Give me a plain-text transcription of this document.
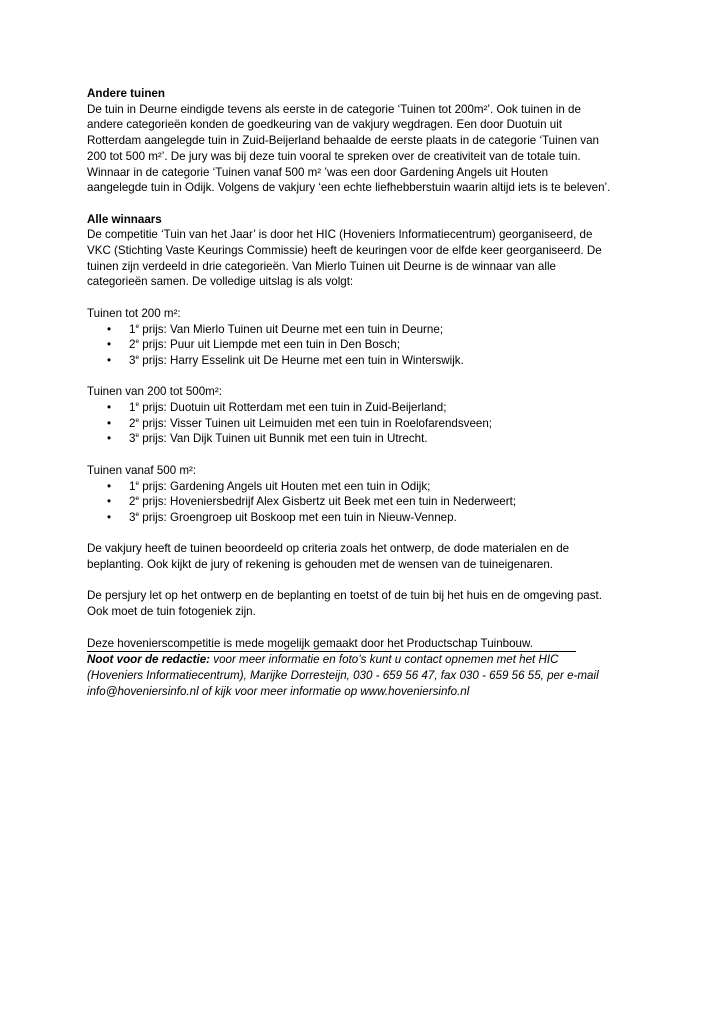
Andere tuinen

De tuin in Deurne eindigde tevens als eerste in de categorie ‘Tuinen tot 200m²’. Ook tuinen in de

andere categorieën konden de goedkeuring van de vakjury wegdragen. Een door Duotuin uit

Rotterdam aangelegde tuin in Zuid-Beijerland behaalde de eerste plaats in de categorie ‘Tuinen van

200 tot 500 m²’. De jury was bij deze tuin vooral te spreken over de creativiteit van de totale tuin.

Winnaar in de categorie ‘Tuinen vanaf 500 m² ’was een door Gardening Angels uit Houten

aangelegde tuin in Odijk. Volgens de vakjury ‘een echte liefhebberstuin waarin altijd iets is te beleven’.

Alle winnaars

De competitie ‘Tuin van het Jaar’ is door het HIC (Hoveniers Informatiecentrum) georganiseerd, de

VKC (Stichting Vaste Keurings Commissie) heeft de keuringen voor de elfde keer georganiseerd. De

tuinen zijn verdeeld in drie categorieën. Van Mierlo Tuinen uit Deurne is de winnaar van alle

categorieën samen. De volledige uitslag is als volgt:

Tuinen tot 200 m²:

• 1e prijs: Van Mierlo Tuinen uit Deurne met een tuin in Deurne;
• 2e prijs: Puur uit Liempde met een tuin in Den Bosch;
• 3e prijs: Harry Esselink uit De Heurne met een tuin in Winterswijk.

Tuinen van 200 tot 500m²:

• 1e prijs: Duotuin uit Rotterdam met een tuin in Zuid-Beijerland;
• 2e prijs: Visser Tuinen uit Leimuiden met een tuin in Roelofarendsveen;
• 3e prijs: Van Dijk Tuinen uit Bunnik met een tuin in Utrecht.

Tuinen vanaf 500 m²:

• 1e prijs: Gardening Angels uit Houten met een tuin in Odijk;
• 2e prijs: Hoveniersbedrijf Alex Gisbertz uit Beek met een tuin in Nederweert;
• 3e prijs: Groengroep uit Boskoop met een tuin in Nieuw-Vennep.

De vakjury heeft de tuinen beoordeeld op criteria zoals het ontwerp, de dode materialen en de

beplanting. Ook kijkt de jury of rekening is gehouden met de wensen van de tuineigenaren.

De persjury let op het ontwerp en de beplanting en toetst of de tuin bij het huis en de omgeving past.

Ook moet de tuin fotogeniek zijn.

Deze hovenierscompetitie is mede mogelijk gemaakt door het Productschap Tuinbouw.

Noot voor de redactie: voor meer informatie en foto’s kunt u contact opnemen met het HIC

(Hoveniers Informatiecentrum), Marijke Dorresteijn, 030 - 659 56 47, fax 030 - 659 56 55, per e-mail

info@hoveniersinfo.nl of kijk voor meer informatie op www.hoveniersinfo.nl
